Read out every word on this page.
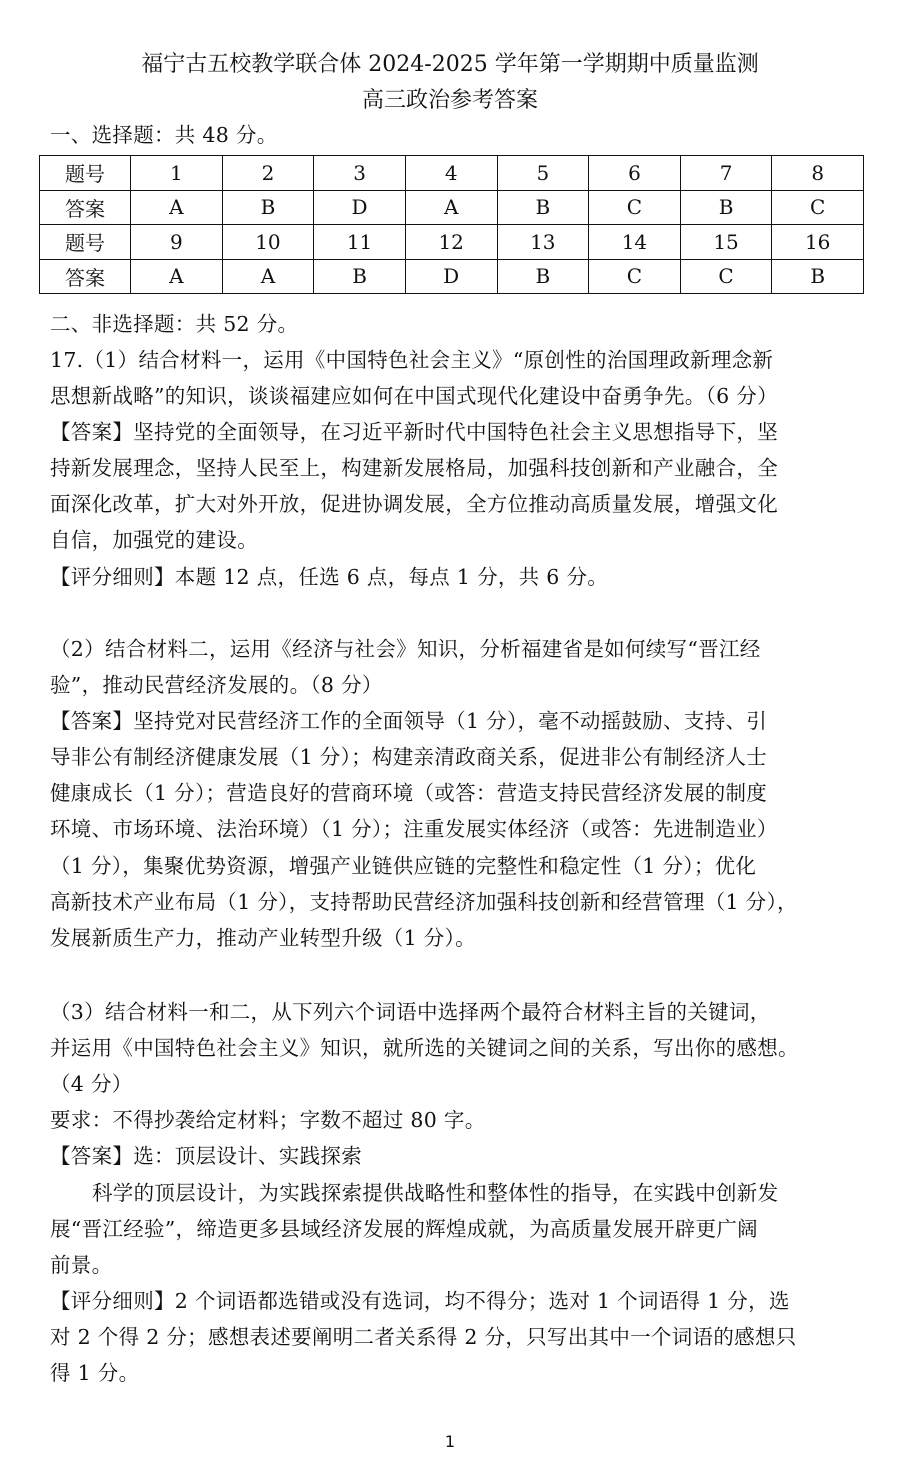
福宁古五校教学联合体 2024-2025 学年第一学期期中质量监测
高三政治参考答案
一、选择题：共 48 分。
题号	1	2	3	4	5	6	7	8
答案	A	B	D	A	B	C	B	C
题号	9	10	11	12	13	14	15	16
答案	A	A	B	D	B	C	C	B
二、非选择题：共 52 分。
17.（1）结合材料一，运用《中国特色社会主义》“原创性的治国理政新理念新
思想新战略”的知识，谈谈福建应如何在中国式现代化建设中奋勇争先。（6 分）
【答案】坚持党的全面领导，在习近平新时代中国特色社会主义思想指导下，坚
持新发展理念，坚持人民至上，构建新发展格局，加强科技创新和产业融合，全
面深化改革，扩大对外开放，促进协调发展，全方位推动高质量发展，增强文化
自信，加强党的建设。
【评分细则】本题 12 点，任选 6 点，每点 1 分，共 6 分。
（2）结合材料二，运用《经济与社会》知识，分析福建省是如何续写“晋江经
验”，推动民营经济发展的。（8 分）
【答案】坚持党对民营经济工作的全面领导（1 分），毫不动摇鼓励、支持、引
导非公有制经济健康发展（1 分）；构建亲清政商关系，促进非公有制经济人士
健康成长（1 分）；营造良好的营商环境（或答：营造支持民营经济发展的制度
环境、市场环境、法治环境）（1 分）；注重发展实体经济（或答：先进制造业）
（1 分），集聚优势资源，增强产业链供应链的完整性和稳定性（1 分）；优化
高新技术产业布局（1 分），支持帮助民营经济加强科技创新和经营管理（1 分），
发展新质生产力，推动产业转型升级（1 分）。
（3）结合材料一和二，从下列六个词语中选择两个最符合材料主旨的关键词，
并运用《中国特色社会主义》知识，就所选的关键词之间的关系，写出你的感想。
（4 分）
要求：不得抄袭给定材料；字数不超过 80 字。
【答案】选：顶层设计、实践探索
科学的顶层设计，为实践探索提供战略性和整体性的指导，在实践中创新发
展“晋江经验”，缔造更多县域经济发展的辉煌成就，为高质量发展开辟更广阔
前景。
【评分细则】2 个词语都选错或没有选词，均不得分；选对 1 个词语得 1 分，选
对 2 个得 2 分；感想表述要阐明二者关系得 2 分，只写出其中一个词语的感想只
得 1 分。
1
